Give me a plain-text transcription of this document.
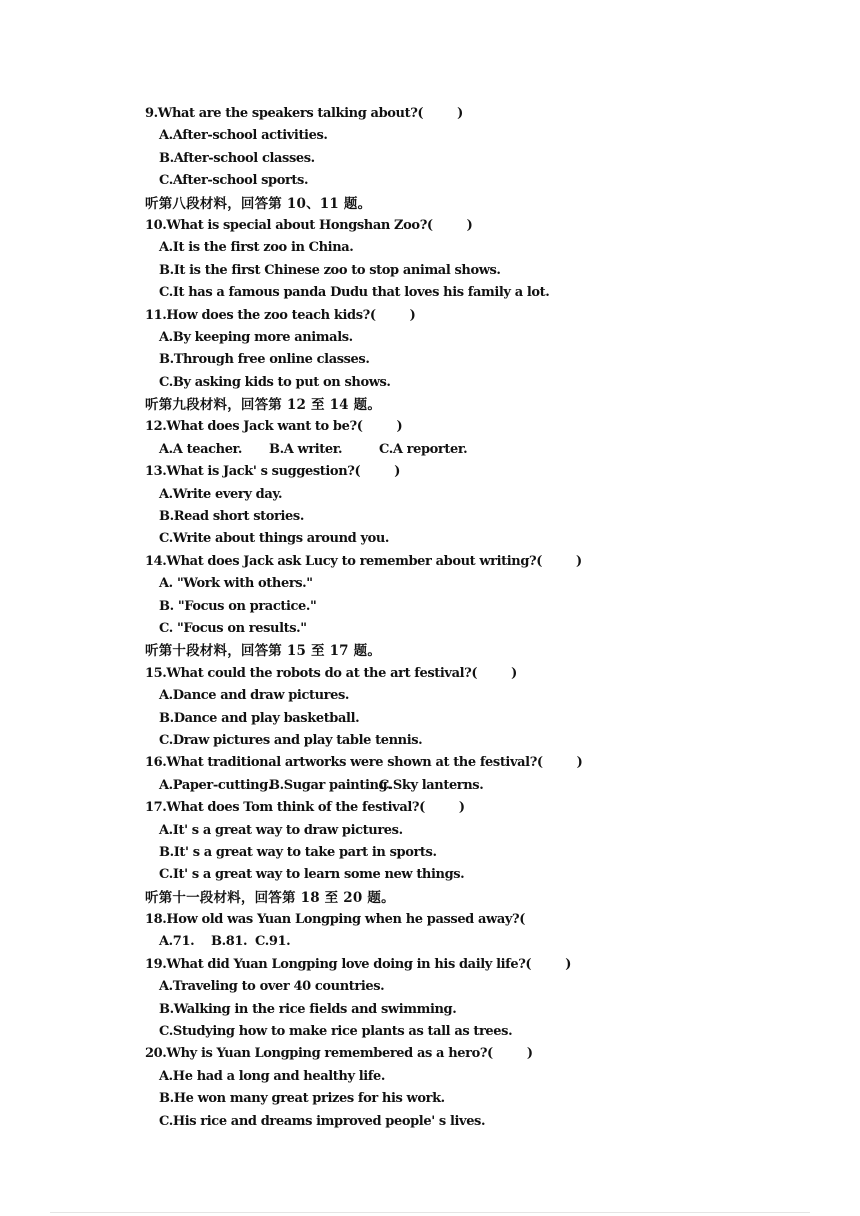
9.What are the speakers talking about?(	)
A.After-school activities.
B.After-school classes.
C.After-school sports.
听第八段材料，回答第 10、11 题。
10.What is special about Hongshan Zoo?(	)
A.It is the first zoo in China.
B.It is the first Chinese zoo to stop animal shows.
C.It has a famous panda Dudu that loves his family a lot.
11.How does the zoo teach kids?(	)
A.By keeping more animals.
B.Through free online classes.
C.By asking kids to put on shows.
听第九段材料，回答第 12 至 14 题。
12.What does Jack want to be?(	)
A.A teacher. B.A writer.	C.A reporter.
13.What is Jack' s suggestion?(	)
A.Write every day.
B.Read short stories.
C.Write about things around you.
14.What does Jack ask Lucy to remember about writing?(	)
A. "Work with others."
B. "Focus on practice."
C. "Focus on results."
听第十段材料，回答第 15 至 17 题。
15.What could the robots do at the art festival?(	)
A.Dance and draw pictures.
B.Dance and play basketball.
C.Draw pictures and play table tennis.
16.What traditional artworks were shown at the festival?(	)
A.Paper-cutting.B.Sugar painting.C.Sky lanterns.
17.What does Tom think of the festival?(	)
A.It' s a great way to draw pictures.
B.It' s a great way to take part in sports.
C.It' s a great way to learn some new things.
听第十一段材料，回答第 18 至 20 题。
18.How old was Yuan Longping when he passed away?(
A.71. B.81. C.91.
19.What did Yuan Longping love doing in his daily life?(	)
A.Traveling to over 40 countries.
B.Walking in the rice fields and swimming.
C.Studying how to make rice plants as tall as trees.
20.Why is Yuan Longping remembered as a hero?(	)
A.He had a long and healthy life.
B.He won many great prizes for his work.
C.His rice and dreams improved people' s lives.
